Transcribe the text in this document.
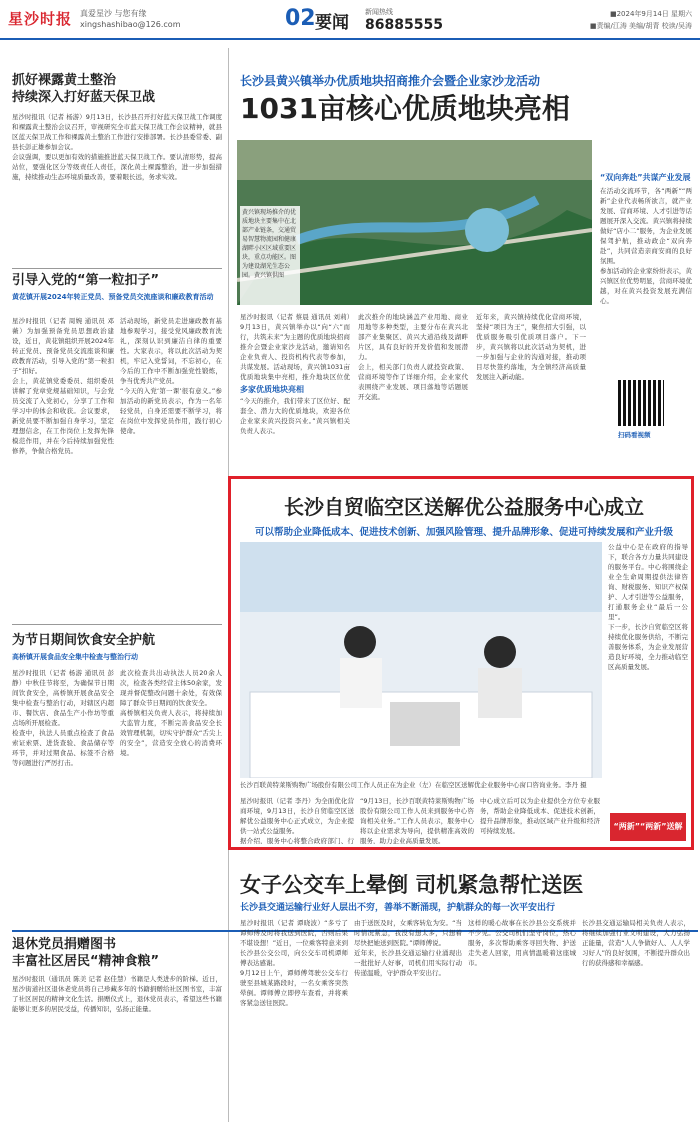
星沙时报 真爱星沙 与您有缘
xingshashibao@126.com	02 要闻
新闻热线
86885555
■2024年9月14日 星期六
■责编/江涛 美编/胡青 校读/吴涛
抓好裸露黄土整治
持续深入打好蓝天保卫战
星沙时报讯（记者 杨游）9月13日，长沙县召开打好蓝天保卫战工作调度和裸露黄土整治会议召开，审视研究全市蓝天保卫战工作会议精神，就县区蓝天保卫战工作和裸露黄土整治工作进行安排部署。长沙县委常委、副县长彭正雄参加会议。
会议强调，要以更加有效的措施推进蓝天保卫战工作。要认清形势，提高站位，要强化区分等级责任人责任，深化黄土裸露整治，进一步加强措施，持续推动生态环境质量改善，要着眼长远，务求实效。
引导入党的“第一粒扣子”
黄花镇开展2024年转正党员、预备党员交流座谈和廉政教育活动
星沙时报讯（记者 周婉 通讯员 邓薇）为加强预备党员思想政治建设，近日，黄花镇组织开展2024年转正党员、预备党员交流座谈和廉政教育活动，引导入党的“第一粒扣子”扣好。
会上，黄花镇党委委员、组织委员讲解了党章党规基础知识，与会党员交流了入党初心，分享了工作和学习中的体会和收获。会议要求，新党员要不断加强自身学习，坚定理想信念，在工作岗位上发挥先锋模范作用，并在今后持续加强党性修养，争做合格党员。
活动现场，新党员走进廉政教育基地参观学习，接受党风廉政教育洗礼，深刻认识到廉洁自律的重要性。大家表示，将以此次活动为契机，牢记入党誓词，不忘初心，在今后的工作中不断加强党性锻炼，争当优秀共产党员。
“今天的入党‘第一课’很有意义。”参加活动的新党员表示，作为一名年轻党员，自身还需要不断学习，将在岗位中发挥党员作用，践行初心使命。
为节日期间饮食安全护航
高桥镇开展食品安全集中检查与整治行动
星沙时报讯（记者 杨游 通讯员 彭静）中秋佳节将至，为确保节日期间饮食安全，高桥镇开展食品安全集中检查与整治行动，对辖区内超市、餐饮店、食品生产小作坊等重点场所开展检查。
检查中，执法人员重点检查了食品索证索票、进货查验、食品储存等环节，并对过期食品、标签不合格等问题进行严厉打击。
此次检查共出动执法人员20余人次，检查各类经营主体50余家，发现并督促整改问题十余处，有效保障了群众节日期间的饮食安全。
高桥镇相关负责人表示，将持续加大监管力度，不断完善食品安全长效管理机制，切实守护群众“舌尖上的安全”，营造安全放心的消费环境。
退休党员捐赠图书
丰富社区居民“精神食粮”
星沙时报讯（通讯员 陈美 记者 赵佳慧）书籍是人类进步的阶梯。近日，星沙街道社区退休老党员将自己珍藏多年的书籍捐赠给社区图书室，丰富了社区居民的精神文化生活。捐赠仪式上，退休党员表示，希望这些书籍能够让更多的居民受益，传播知识，弘扬正能量。
长沙县黄兴镇举办优质地块招商推介会暨企业家沙龙活动
1031亩核心优质地块亮相
黄兴镇现场推介的优质地块主要集中在北部产业链条，交通贸易智慧物流园和健康湖畔小区区域重要区块，重点功能区。图为建设湖光生态公园。黄兴镇供图
星沙时报讯（记者 蔡晨 通讯员 刘莉）9月13日，黄兴镇举办以“向“六”而行，共筑未来”为主题的优质地块招商推介会暨企业家沙龙活动，邀请知名企业负责人、投资机构代表等参加，共谋发展。活动现场，黄兴镇1031亩优质地块集中亮相，推介地块区位优
多家优质地块亮相
“今天的推介，我们带来了区位好、配套全、潜力大的优质地块，欢迎各位企业家来黄兴投资兴业。”黄兴镇相关负责人表示。
此次推介的地块涵盖产业用地、商业用地等多种类型，主要分布在黄兴北部产业集聚区、黄兴大道沿线及湖畔片区，具有良好的开发价值和发展潜力。
会上，相关部门负责人就投资政策、营商环境等作了详细介绍，企业家代表围绕产业发展、项目落地等话题展开交流。
近年来，黄兴镇持续优化营商环境，坚持“项目为王”，聚焦招大引强，以优质服务吸引优质项目落户。下一步，黄兴镇将以此次活动为契机，进一步加强与企业的沟通对接，推动项目尽快签约落地，为全镇经济高质量发展注入新动能。
“双向奔赴”共谋产业发展
在活动交流环节，各“两新”“两新”企业代表畅所欲言，就产业发展、营商环境、人才引进等话题展开深入交流。黄兴镇将持续做好“店小二”服务，为企业发展保驾护航，推动政企“双向奔赴”，共同营造亲商安商的良好氛围。
参加活动的企业家纷纷表示，黄兴镇区位优势明显，营商环境优越，对在黄兴投资发展充满信心。
扫码看视频
长沙自贸临空区送解优公益服务中心成立
可以帮助企业降低成本、促进技术创新、加强风险管理、提升品牌形象、促进可持续发展和产业升级
长沙百联黄特莱斯购物广场股份有限公司工作人员正在为企业（左）在临空区送解优企业服务中心窗口咨询业务。李丹 摄
星沙时报讯（记者 李丹）为全面优化营商环境，9月13日，长沙自贸临空区送解优公益服务中心正式成立，为企业提供一站式公益服务。
据介绍，服务中心将整合政府部门、行
“9月13日，长沙百联黄特莱斯购物广场股份有限公司工作人员来到服务中心咨询相关业务。”工作人员表示，服务中心将以企业需求为导向，提供精准高效的服务，助力企业高质量发展。
中心成立后可以为企业提供全方位专业服务，帮助企业降低成本、促进技术创新，提升品牌形象，推动区域产业升级和经济可持续发展。
公益中心是在政府的指导下，联合各方力量共同建设的服务平台。中心将围绕企业全生命周期提供法律咨询、财税服务、知识产权保护、人才引进等公益服务，打通服务企业“最后一公里”。
下一步，长沙自贸临空区将持续优化服务供给，不断完善服务体系，为企业发展营造良好环境，全力推动临空区高质量发展。
“两新”“两新”送解优
女子公交车上晕倒 司机紧急帮忙送医
长沙县交通运输行业好人层出不穷，善举不断涌现，护航群众的每一次平安出行
星沙时报讯（记者 谭晓波）“多亏了谭师傅及时将我送到医院，否则后果不堪设想！”近日，一位乘客特意来到长沙县公交公司，向公交车司机谭师傅表达感谢。
9月12日上午，谭师傅驾驶公交车行驶至县城某路段时，一名女乘客突然晕倒。谭师傅立即停车查看，并将乘客紧急送往医院。
由于送医及时，女乘客转危为安。“当时情况紧急，我没有想太多，只想着尽快把她送到医院。”谭师傅说。
近年来，长沙县交通运输行业涌现出一批批好人好事，司机们用实际行动传递温暖，守护群众平安出行。
这样的暖心故事在长沙县公交系统并不少见。公交司机们坚守岗位，热心服务，多次帮助乘客寻回失物、护送走失老人回家，用真情温暖着这座城市。
长沙县交通运输局相关负责人表示，将继续加强行业文明建设，大力弘扬正能量，营造“人人争做好人、人人学习好人”的良好氛围，不断提升群众出行的获得感和幸福感。
